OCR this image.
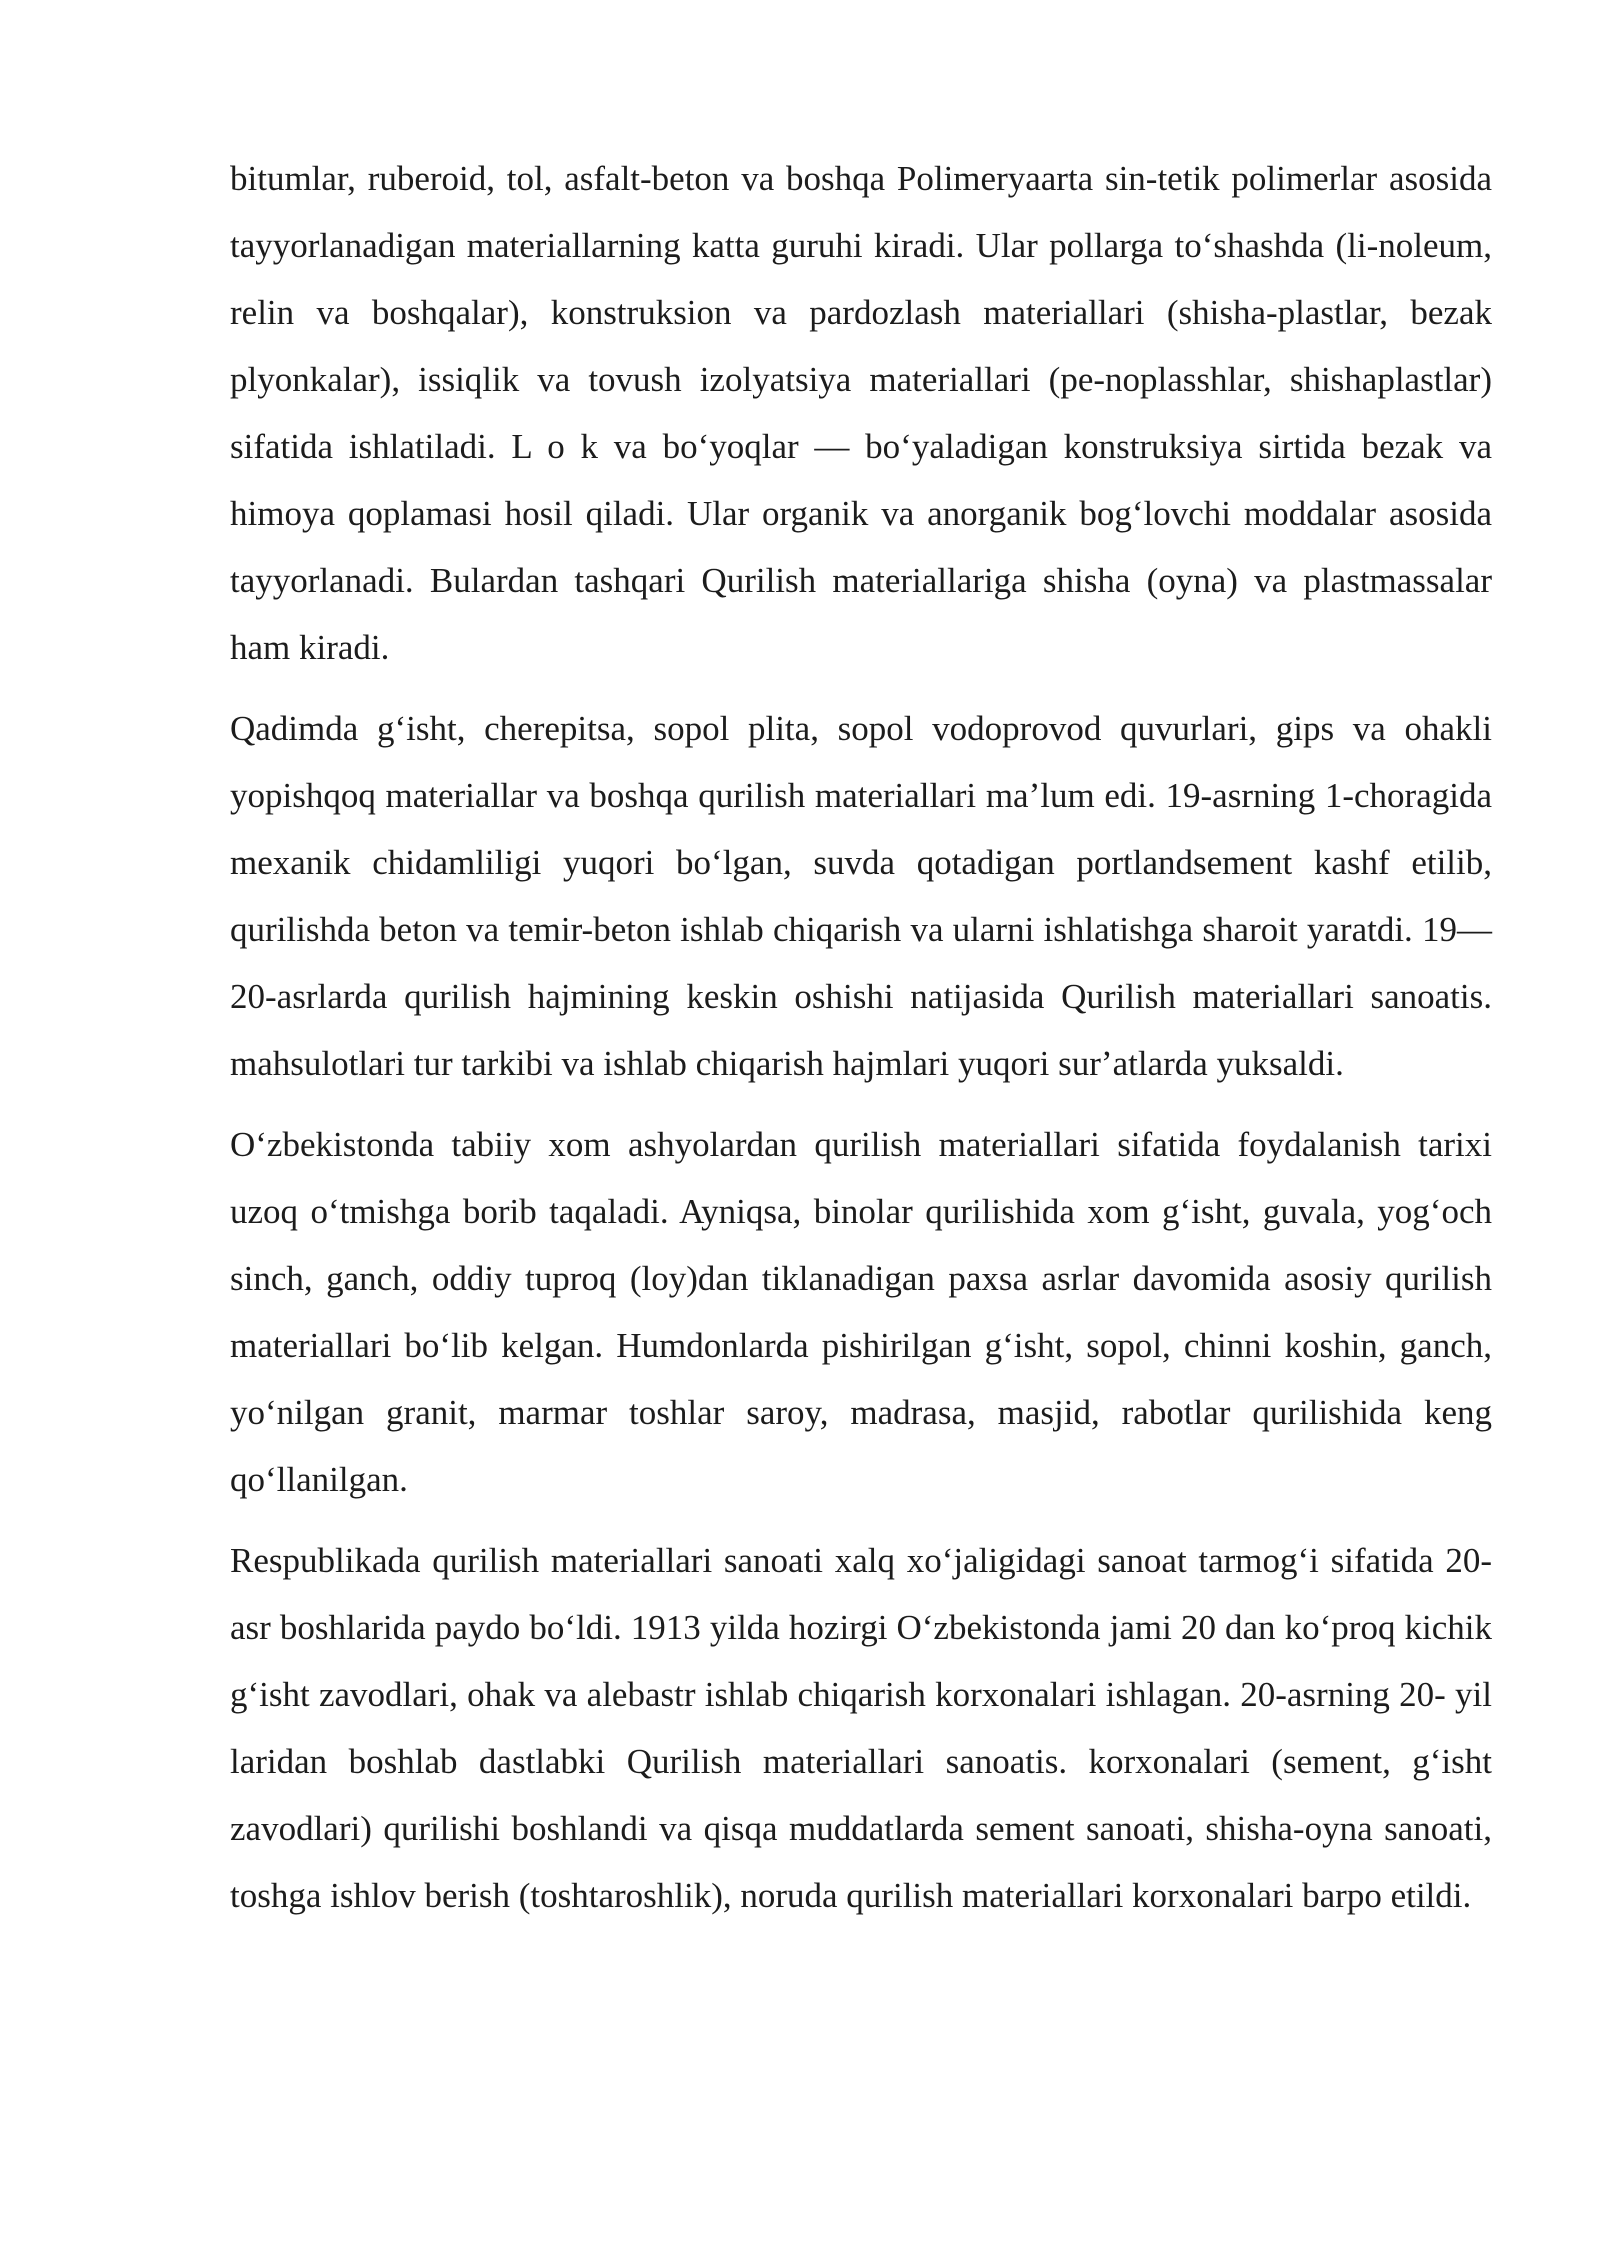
bitumlar, ruberoid, tol, asfalt-beton va boshqa Polimeryaarta sin-tetik polimerlar asosida tayyorlanadigan materiallarning katta guruhi kiradi. Ular pollarga toʻshashda (li-noleum, relin va boshqalar), konstruksion va pardozlash materiallari (shisha-plastlar, bezak plyonkalar), issiqlik va tovush izolyatsiya materiallari (pe-noplasshlar, shishaplastlar) sifatida ishlatiladi. L o k va boʻyoqlar — boʻyaladigan konstruksiya sirtida bezak va himoya qoplamasi hosil qiladi. Ular organik va anorganik bogʻlovchi moddalar asosida tayyorlanadi. Bulardan tashqari Qurilish materiallariga shisha (oyna) va plastmassalar ham kiradi.

Qadimda gʻisht, cherepitsa, sopol plita, sopol vodoprovod quvurlari, gips va ohakli yopishqoq materiallar va boshqa qurilish materiallari maʼlum edi. 19-asrning 1-choragida mexanik chidamliligi yuqori boʻlgan, suvda qotadigan portlandsement kashf etilib, qurilishda beton va temir-beton ishlab chiqarish va ularni ishlatishga sharoit yaratdi. 19—20-asrlarda qurilish hajmining keskin oshishi natijasida Qurilish materiallari sanoatis. mahsulotlari tur tarkibi va ishlab chiqarish hajmlari yuqori surʼatlarda yuksaldi.

Oʻzbekistonda tabiiy xom ashyolardan qurilish materiallari sifatida foydalanish tarixi uzoq oʻtmishga borib taqaladi. Ayniqsa, binolar qurilishida xom gʻisht, guvala, yogʻoch sinch, ganch, oddiy tuproq (loy)dan tiklanadigan paxsa asrlar davomida asosiy qurilish materiallari boʻlib kelgan. Humdonlarda pishirilgan gʻisht, sopol, chinni koshin, ganch, yoʻnilgan granit, marmar toshlar saroy, madrasa, masjid, rabotlar qurilishida keng qoʻllanilgan.

Respublikada qurilish materiallari sanoati xalq xoʻjaligidagi sanoat tarmogʻi sifatida 20-asr boshlarida paydo boʻldi. 1913 yilda hozirgi Oʻzbekistonda jami 20 dan koʻproq kichik gʻisht zavodlari, ohak va alebastr ishlab chiqarish korxonalari ishlagan. 20-asrning 20- yil laridan boshlab dastlabki Qurilish materiallari sanoatis. korxonalari (sement, gʻisht zavodlari) qurilishi boshlandi va qisqa muddatlarda sement sanoati, shisha-oyna sanoati, toshga ishlov berish (toshtaroshlik), noruda qurilish materiallari korxonalari barpo etildi.
